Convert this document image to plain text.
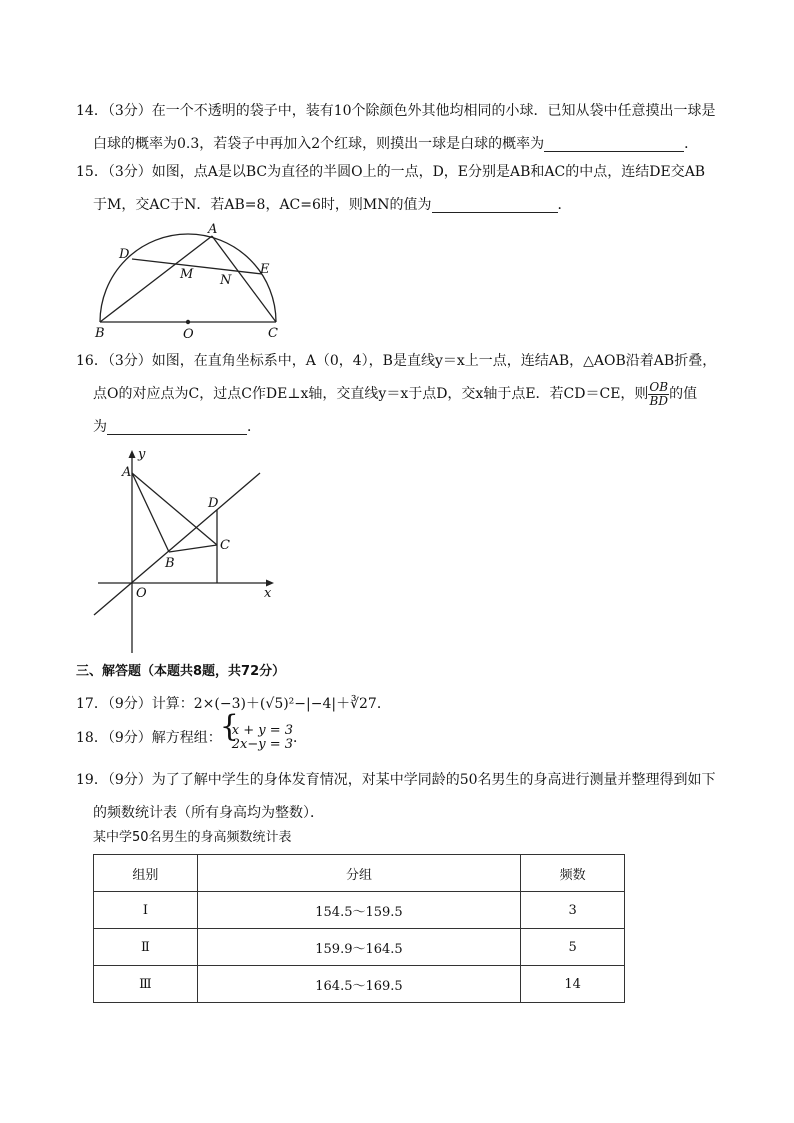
14．（3分）在一个不透明的袋子中，装有10个除颜色外其他均相同的小球．已知从袋中任意摸出一球是

白球的概率为0.3，若袋子中再加入2个红球，则摸出一球是白球的概率为	．

15．（3分）如图，点A是以BC为直径的半圆O上的一点，D，E分别是AB和AC的中点，连结DE交AB

于M，交AC于N．若AB=8，AC=6时，则MN的值为	．

A
D
E
M N
B	O	C

16．（3分）如图，在直角坐标系中，A（0，4），B是直线y＝x上一点，连结AB，△AOB沿着AB折叠，

点O的对应点为C，过点C作DE⊥x轴，交直线y＝x于点D，交x轴于点E．若CD＝CE，则 $\frac{OB}{BD}$ 的值

为	．

y
A
D
C
B
O	x
三、解答题（本题共8题，共72分）

17．（9分）计算：2×(−3)＋(√5)²−|−4|＋∛27．

18．（9分）解方程组： { x + y = 3
2x−y = 3 ．

19．（9分）为了了解中学生的身体发育情况，对某中学同龄的50名男生的身高进行测量并整理得到如下

的频数统计表（所有身高均为整数）．

某中学50名男生的身高频数统计表
组别	分组	频数
Ⅰ	154.5～159.5	3
Ⅱ	159.9～164.5	5
Ⅲ	164.5～169.5	14
